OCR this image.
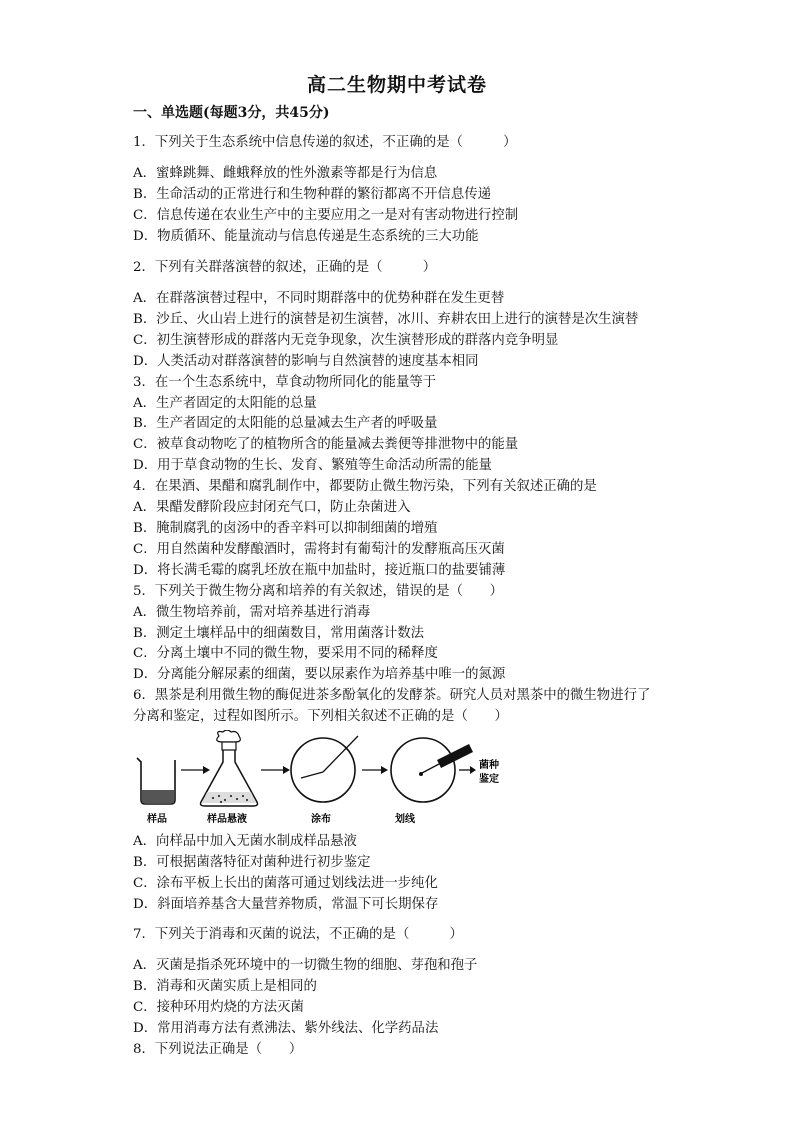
高二生物期中考试卷
一、单选题(每题3分，共45分)
1．下列关于生态系统中信息传递的叙述，不正确的是（　　　）
A．蜜蜂跳舞、雌蛾释放的性外激素等都是行为信息
B．生命活动的正常进行和生物种群的繁衍都离不开信息传递
C．信息传递在农业生产中的主要应用之一是对有害动物进行控制
D．物质循环、能量流动与信息传递是生态系统的三大功能
2．下列有关群落演替的叙述，正确的是（　　　）
A．在群落演替过程中，不同时期群落中的优势种群在发生更替
B．沙丘、火山岩上进行的演替是初生演替，冰川、弃耕农田上进行的演替是次生演替
C．初生演替形成的群落内无竞争现象，次生演替形成的群落内竞争明显
D．人类活动对群落演替的影响与自然演替的速度基本相同
3．在一个生态系统中，草食动物所同化的能量等于
A．生产者固定的太阳能的总量
B．生产者固定的太阳能的总量减去生产者的呼吸量
C．被草食动物吃了的植物所含的能量减去粪便等排泄物中的能量
D．用于草食动物的生长、发育、繁殖等生命活动所需的能量
4．在果酒、果醋和腐乳制作中，都要防止微生物污染，下列有关叙述正确的是
A．果醋发酵阶段应封闭充气口，防止杂菌进入
B．腌制腐乳的卤汤中的香辛料可以抑制细菌的增殖
C．用自然菌种发酵酿酒时，需将封有葡萄汁的发酵瓶高压灭菌
D．将长满毛霉的腐乳坯放在瓶中加盐时，接近瓶口的盐要铺薄
5．下列关于微生物分离和培养的有关叙述，错误的是（　　）
A．微生物培养前，需对培养基进行消毒
B．测定土壤样品中的细菌数目，常用菌落计数法
C．分离土壤中不同的微生物，要采用不同的稀释度
D．分离能分解尿素的细菌，要以尿素作为培养基中唯一的氮源
6．黑茶是利用微生物的酶促进茶多酚氧化的发酵茶。研究人员对黑茶中的微生物进行了分离和鉴定，过程如图所示。下列相关叙述不正确的是（　　）
样品	样品悬液	涂布	划线
菌种
鉴定
A．向样品中加入无菌水制成样品悬液
B．可根据菌落特征对菌种进行初步鉴定
C．涂布平板上长出的菌落可通过划线法进一步纯化
D．斜面培养基含大量营养物质，常温下可长期保存
7．下列关于消毒和灭菌的说法，不正确的是（　　　）
A．灭菌是指杀死环境中的一切微生物的细胞、芽孢和孢子
B．消毒和灭菌实质上是相同的
C．接种环用灼烧的方法灭菌
D．常用消毒方法有煮沸法、紫外线法、化学药品法
8．下列说法正确是（　　）
